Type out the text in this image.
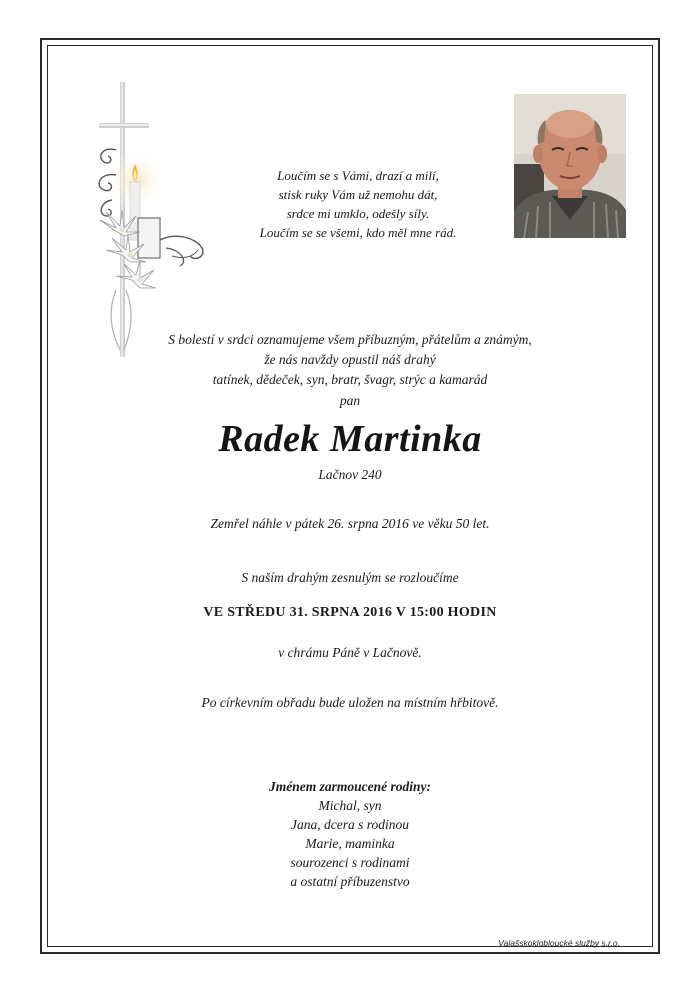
Loučím se s Vámi, drazí a milí,
stisk ruky Vám už nemohu dát,
srdce mi umklo, odešly síly.
Loučím se se všemi, kdo měl mne rád.
S bolestí v srdci oznamujeme všem příbuzným, přátelům a známým,
že nás navždy opustil náš drahý
tatínek, dědeček, syn, bratr, švagr, strýc a kamarád
pan
Radek Martinka
Lačnov 240
Zemřel náhle v pátek 26. srpna 2016 ve věku 50 let.
S naším drahým zesnulým se rozloučíme
VE STŘEDU 31. SRPNA 2016 V 15:00 HODIN
v chrámu Páně v Lačnově.
Po církevním obřadu bude uložen na místním hřbitově.
Jménem zarmoucené rodiny:
Michal, syn
Jana, dcera s rodinou
Marie, maminka
sourozenci s rodinami
a ostatní příbuzenstvo
Valašskoklobloucké služby s.r.o.
